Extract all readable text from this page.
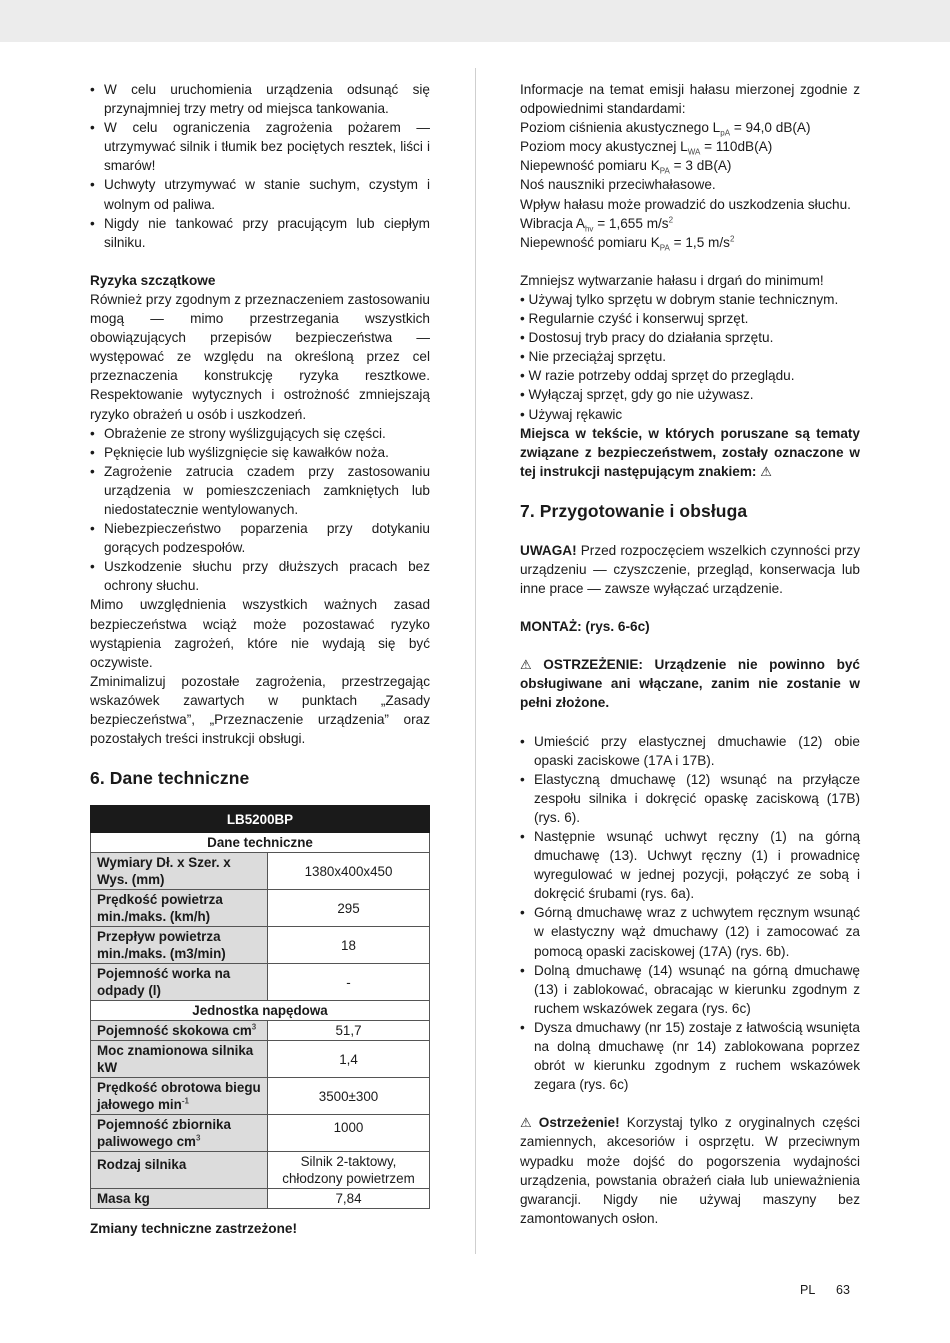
• W celu uruchomienia urządzenia odsunąć się przynajmniej trzy metry od miejsca tankowania.
• W celu ograniczenia zagrożenia pożarem — utrzymywać silnik i tłumik bez pociętych resztek, liści i smarów!
• Uchwyty utrzymywać w stanie suchym, czystym i wolnym od paliwa.
• Nigdy nie tankować przy pracującym lub ciepłym silniku.

Ryzyka szczątkowe

Również przy zgodnym z przeznaczeniem zastosowaniu mogą — mimo przestrzegania wszystkich obowiązujących przepisów bezpieczeństwa — występować ze względu na określoną przez cel przeznaczenia konstrukcję ryzyka resztkowe. Respektowanie wytycznych i ostrożność zmniejszają ryzyko obrażeń u osób i uszkodzeń.

• Obrażenie ze strony wyślizgujących się części.
• Pęknięcie lub wyślizgnięcie się kawałków noża.
• Zagrożenie zatrucia czadem przy zastosowaniu urządzenia w pomieszczeniach zamkniętych lub niedostatecznie wentylowanych.
• Niebezpieczeństwo poparzenia przy dotykaniu gorących podzespołów.
• Uszkodzenie słuchu przy dłuższych pracach bez ochrony słuchu.

Mimo uwzględnienia wszystkich ważnych zasad bezpieczeństwa wciąż może pozostawać ryzyko wystąpienia zagrożeń, które nie wydają się być oczywiste.

Zminimalizuj pozostałe zagrożenia, przestrzegając wskazówek zawartych w punktach „Zasady bezpieczeństwa”, „Przeznaczenie urządzenia” oraz pozostałych treści instrukcji obsługi.

6. Dane techniczne
LB5200BP	
Dane techniczne	
Wymiary Dł. x Szer. x Wys. (mm)	1380x400x450
Prędkość powietrza min./maks. (km/h)	295
Przepływ powietrza min./maks. (m3/min)	18
Pojemność worka na odpady (l)	-
Jednostka napędowa	
Pojemność skokowa $cm^3$	51,7
Moc znamionowa silnika kW	1,4
Prędkość obrotowa biegu jałowego $\min^{-1}$	3500±300
Pojemność zbiornika paliwowego $cm^3$	1000
Rodzaj silnika	Silnik 2-taktowy, chłodzony powietrzem
Masa kg	7,84

Zmiany techniczne zastrzeżone!

Informacje na temat emisji hałasu mierzonej zgodnie z odpowiednimi standardami:

Poziom ciśnienia akustycznego $L_{pA} = 94,0$ dB(A)

Poziom mocy akustycznej $L_{WA} = 110dB(A)$

Niepewność pomiaru $K_{PA} = 3$ dB(A)

Noś nauszniki przeciwhałasowe.

Wpływ hałasu może prowadzić do uszkodzenia słuchu.

Wibracja $A_{hv} = 1,655$ $m/s^2$

Niepewność pomiaru $K_{PA} = 1,5$ $m/s^2$

Zmniejsz wytwarzanie hałasu i drgań do minimum!

• Używaj tylko sprzętu w dobrym stanie technicznym.
• Regularnie czyść i konserwuj sprzęt.
• Dostosuj tryb pracy do działania sprzętu.
• Nie przeciążaj sprzętu.
• W razie potrzeby oddaj sprzęt do przeglądu.
• Wyłączaj sprzęt, gdy go nie używasz.
• Używaj rękawic

Miejsca w tekście, w których poruszane są tematy związane z bezpieczeństwem, zostały oznaczone w tej instrukcji następującym znakiem: ⚠

7. Przygotowanie i obsługa

UWAGA! Przed rozpoczęciem wszelkich czynności przy urządzeniu — czyszczenie, przegląd, konserwacja lub inne prace — zawsze wyłączać urządzenie.

MONTAŻ: (rys. 6-6c)

⚠ OSTRZEŻENIE: Urządzenie nie powinno być obsługiwane ani włączane, zanim nie zostanie w pełni złożone.

• Umieścić przy elastycznej dmuchawie (12) obie opaski zaciskowe (17A i 17B).
• Elastyczną dmuchawę (12) wsunąć na przyłącze zespołu silnika i dokręcić opaskę zaciskową (17B) (rys. 6).
• Następnie wsunąć uchwyt ręczny (1) na górną dmuchawę (13). Uchwyt ręczny (1) i prowadnicę wyregulować w jednej pozycji, połączyć ze sobą i dokręcić śrubami (rys. 6a).
• Górną dmuchawę wraz z uchwytem ręcznym wsunąć w elastyczny wąż dmuchawy (12) i zamocować za pomocą opaski zaciskowej (17A) (rys. 6b).
• Dolną dmuchawę (14) wsunąć na górną dmuchawę (13) i zablokować, obracając w kierunku zgodnym z ruchem wskazówek zegara (rys. 6c)
• Dysza dmuchawy (nr 15) zostaje z łatwością wsunięta na dolną dmuchawę (nr 14) zablokowana poprzez obrót w kierunku zgodnym z ruchem wskazówek zegara (rys. 6c)

⚠ Ostrzeżenie! Korzystaj tylko z oryginalnych części zamiennych, akcesoriów i osprzętu. W przeciwnym wypadku może dojść do pogorszenia wydajności urządzenia, powstania obrażeń ciała lub unieważnienia gwarancji. Nigdy nie używaj maszyny bez zamontowanych osłon.

PL 63
